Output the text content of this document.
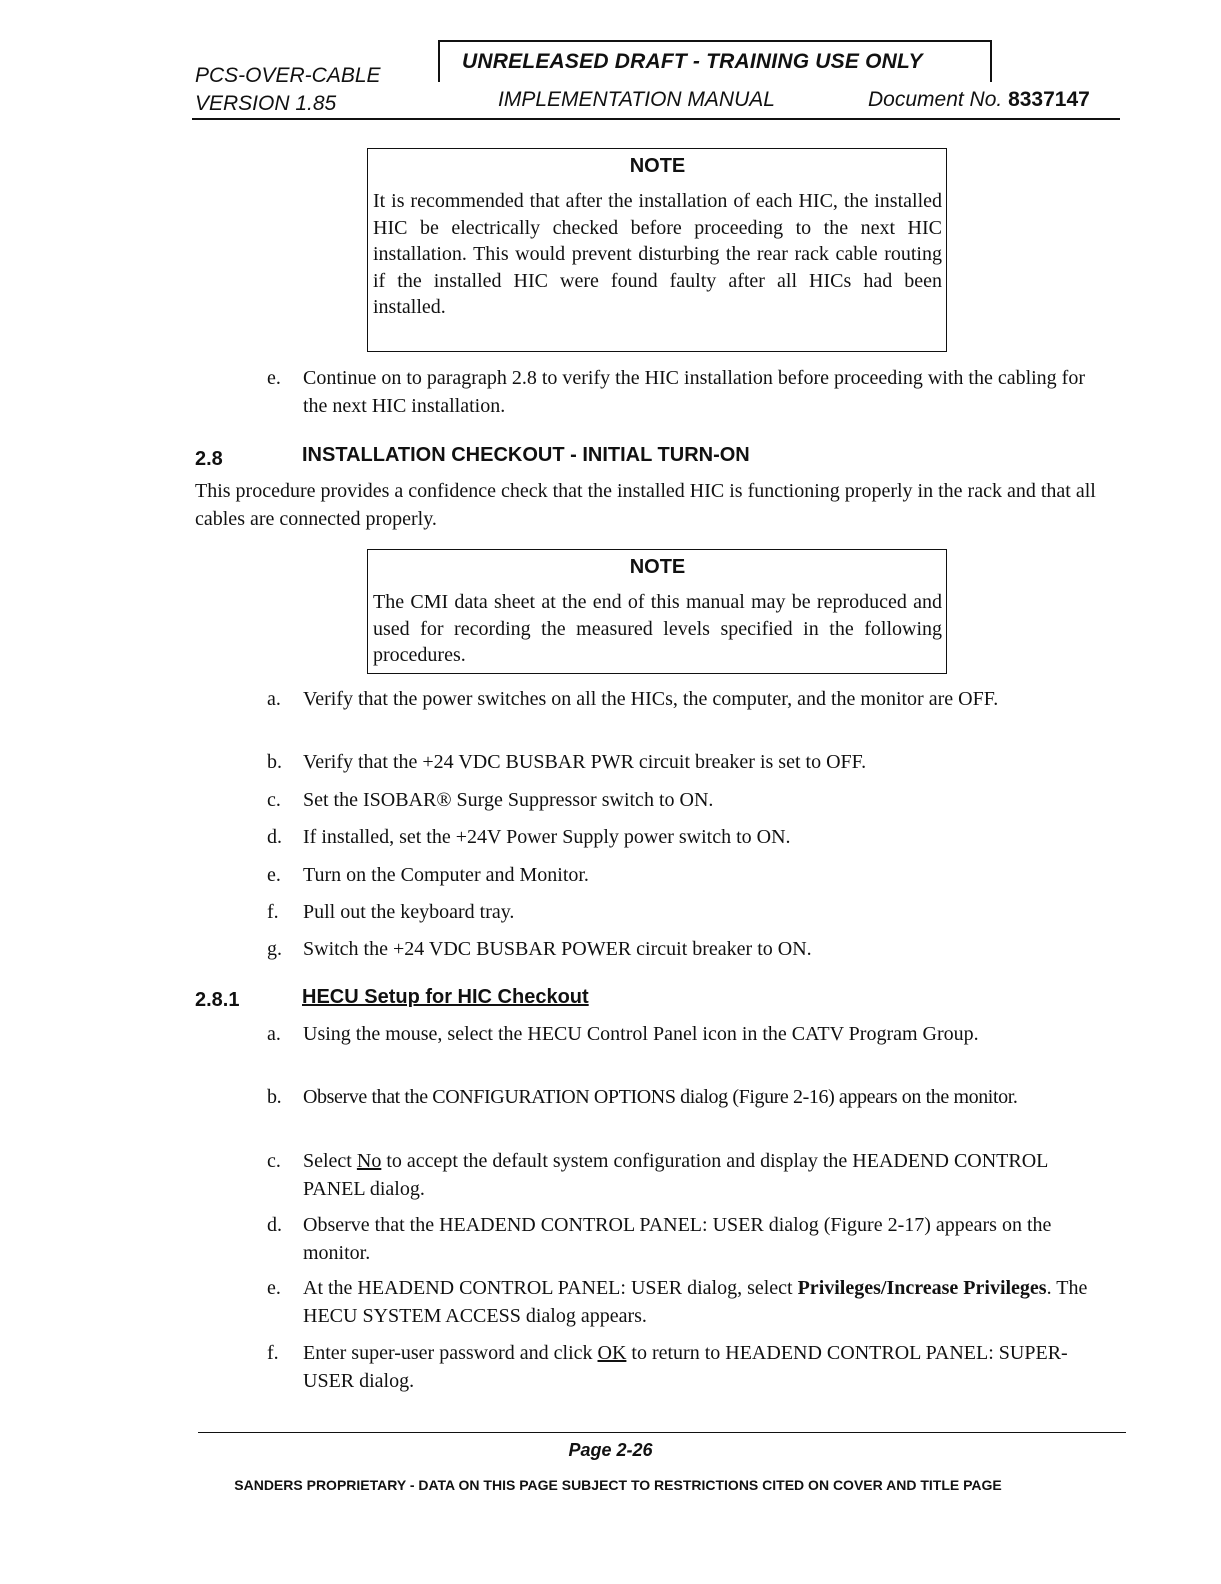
PCS-OVER-CABLE
VERSION 1.85
UNRELEASED DRAFT - TRAINING USE ONLY
IMPLEMENTATION MANUAL	Document No. 8337147
NOTE
It is recommended that after the installation of each HIC, the installed HIC be electrically checked before proceeding to the next HIC installation. This would prevent disturbing the rear rack cable routing if the installed HIC were found faulty after all HICs had been installed.
e. Continue on to paragraph 2.8 to verify the HIC installation before proceeding with the cabling for the next HIC installation.
2.8	INSTALLATION CHECKOUT - INITIAL TURN-ON
This procedure provides a confidence check that the installed HIC is functioning properly in the rack and that all cables are connected properly.
NOTE
The CMI data sheet at the end of this manual may be reproduced and used for recording the measured levels specified in the following procedures.
a. Verify that the power switches on all the HICs, the computer, and the monitor are OFF.
b. Verify that the +24 VDC BUSBAR PWR circuit breaker is set to OFF.
c. Set the ISOBAR® Surge Suppressor switch to ON.
d. If installed, set the +24V Power Supply power switch to ON.
e. Turn on the Computer and Monitor.
f. Pull out the keyboard tray.
g. Switch the +24 VDC BUSBAR POWER circuit breaker to ON.
2.8.1	HECU Setup for HIC Checkout
a. Using the mouse, select the HECU Control Panel icon in the CATV Program Group.
b. Observe that the CONFIGURATION OPTIONS dialog (Figure 2-16) appears on the monitor.
c. Select No to accept the default system configuration and display the HEADEND CONTROL PANEL dialog.
d. Observe that the HEADEND CONTROL PANEL: USER dialog (Figure 2-17) appears on the monitor.
e. At the HEADEND CONTROL PANEL: USER dialog, select Privileges/Increase Privileges. The HECU SYSTEM ACCESS dialog appears.
f. Enter super-user password and click OK to return to HEADEND CONTROL PANEL: SUPER-USER dialog.
Page 2-26
SANDERS PROPRIETARY - DATA ON THIS PAGE SUBJECT TO RESTRICTIONS CITED ON COVER AND TITLE PAGE
